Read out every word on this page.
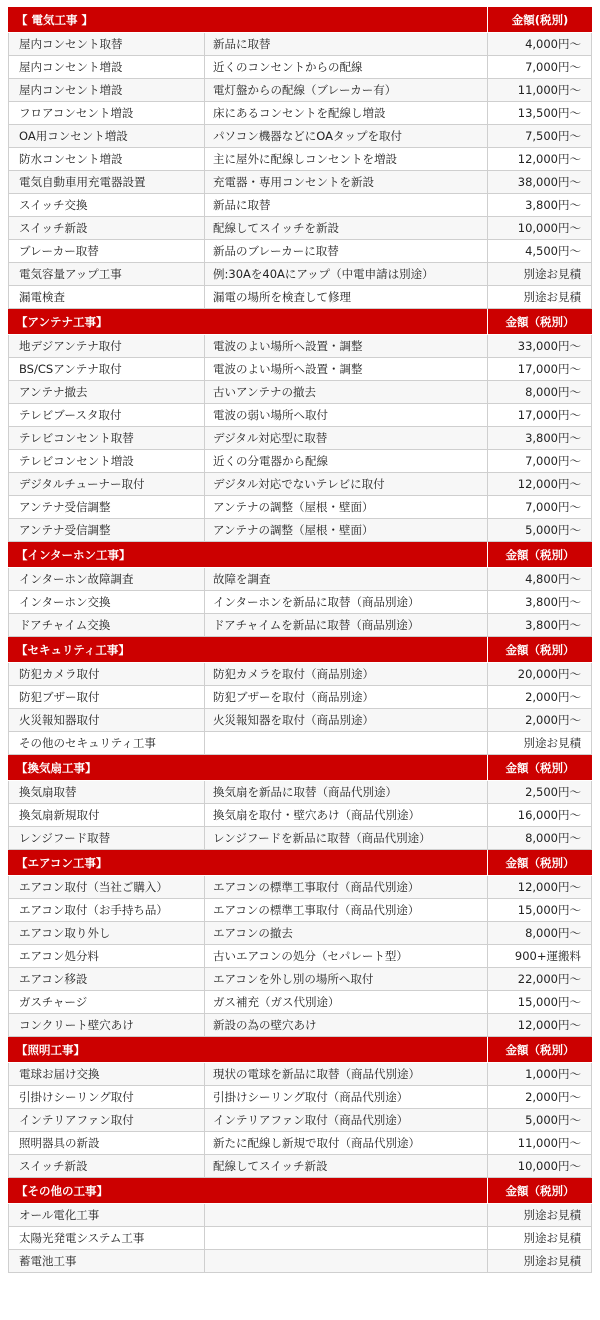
【 電気工事 】	金額(税別)
屋内コンセント取替	新品に取替	4,000円～
屋内コンセント増設	近くのコンセントからの配線	7,000円～
屋内コンセント増設	電灯盤からの配線（ブレーカー有）	11,000円～
フロアコンセント増設	床にあるコンセントを配線し増設	13,500円～
OA用コンセント増設	パソコン機器などにOAタップを取付	7,500円～
防水コンセント増設	主に屋外に配線しコンセントを増設	12,000円～
電気自動車用充電器設置	充電器・専用コンセントを新設	38,000円～
スイッチ交換	新品に取替	3,800円～
スイッチ新設	配線してスイッチを新設	10,000円～
ブレーカー取替	新品のブレーカーに取替	4,500円～
電気容量アップ工事	例:30Aを40Aにアップ（中電申請は別途）	別途お見積
漏電検査	漏電の場所を検査して修理	別途お見積
【アンテナ工事】	金額（税別）
地デジアンテナ取付	電波のよい場所へ設置・調整	33,000円～
BS/CSアンテナ取付	電波のよい場所へ設置・調整	17,000円～
アンテナ撤去	古いアンテナの撤去	8,000円～
テレビブースタ取付	電波の弱い場所へ取付	17,000円～
テレビコンセント取替	デジタル対応型に取替	3,800円～
テレビコンセント増設	近くの分電器から配線	7,000円～
デジタルチューナー取付	デジタル対応でないテレビに取付	12,000円～
アンテナ受信調整	アンテナの調整（屋根・壁面）	7,000円～
アンテナ受信調整	アンテナの調整（屋根・壁面）	5,000円～
【インターホン工事】	金額（税別）
インターホン故障調査	故障を調査	4,800円～
インターホン交換	インターホンを新品に取替（商品別途）	3,800円～
ドアチャイム交換	ドアチャイムを新品に取替（商品別途）	3,800円～
【セキュリティ工事】	金額（税別）
防犯カメラ取付	防犯カメラを取付（商品別途）	20,000円～
防犯ブザー取付	防犯ブザーを取付（商品別途）	2,000円～
火災報知器取付	火災報知器を取付（商品別途）	2,000円～
その他のセキュリティ工事	別途お見積
【換気扇工事】	金額（税別）
換気扇取替	換気扇を新品に取替（商品代別途）	2,500円～
換気扇新規取付	換気扇を取付・壁穴あけ（商品代別途）	16,000円～
レンジフード取替	レンジフードを新品に取替（商品代別途）	8,000円～
【エアコン工事】	金額（税別）
エアコン取付（当社ご購入）	エアコンの標準工事取付（商品代別途）	12,000円～
エアコン取付（お手持ち品）	エアコンの標準工事取付（商品代別途）	15,000円～
エアコン取り外し	エアコンの撤去	8,000円～
エアコン処分料	古いエアコンの処分（セパレート型）	900+運搬料
エアコン移設	エアコンを外し別の場所へ取付	22,000円～
ガスチャージ	ガス補充（ガス代別途）	15,000円～
コンクリート壁穴あけ	新設の為の壁穴あけ	12,000円～
【照明工事】	金額（税別）
電球お届け交換	現状の電球を新品に取替（商品代別途）	1,000円～
引掛けシーリング取付	引掛けシーリング取付（商品代別途）	2,000円～
インテリアファン取付	インテリアファン取付（商品代別途）	5,000円～
照明器具の新設	新たに配線し新規で取付（商品代別途）	11,000円～
スイッチ新設	配線してスイッチ新設	10,000円～
【その他の工事】	金額（税別）
オール電化工事	別途お見積
太陽光発電システム工事	別途お見積
蓄電池工事	別途お見積
